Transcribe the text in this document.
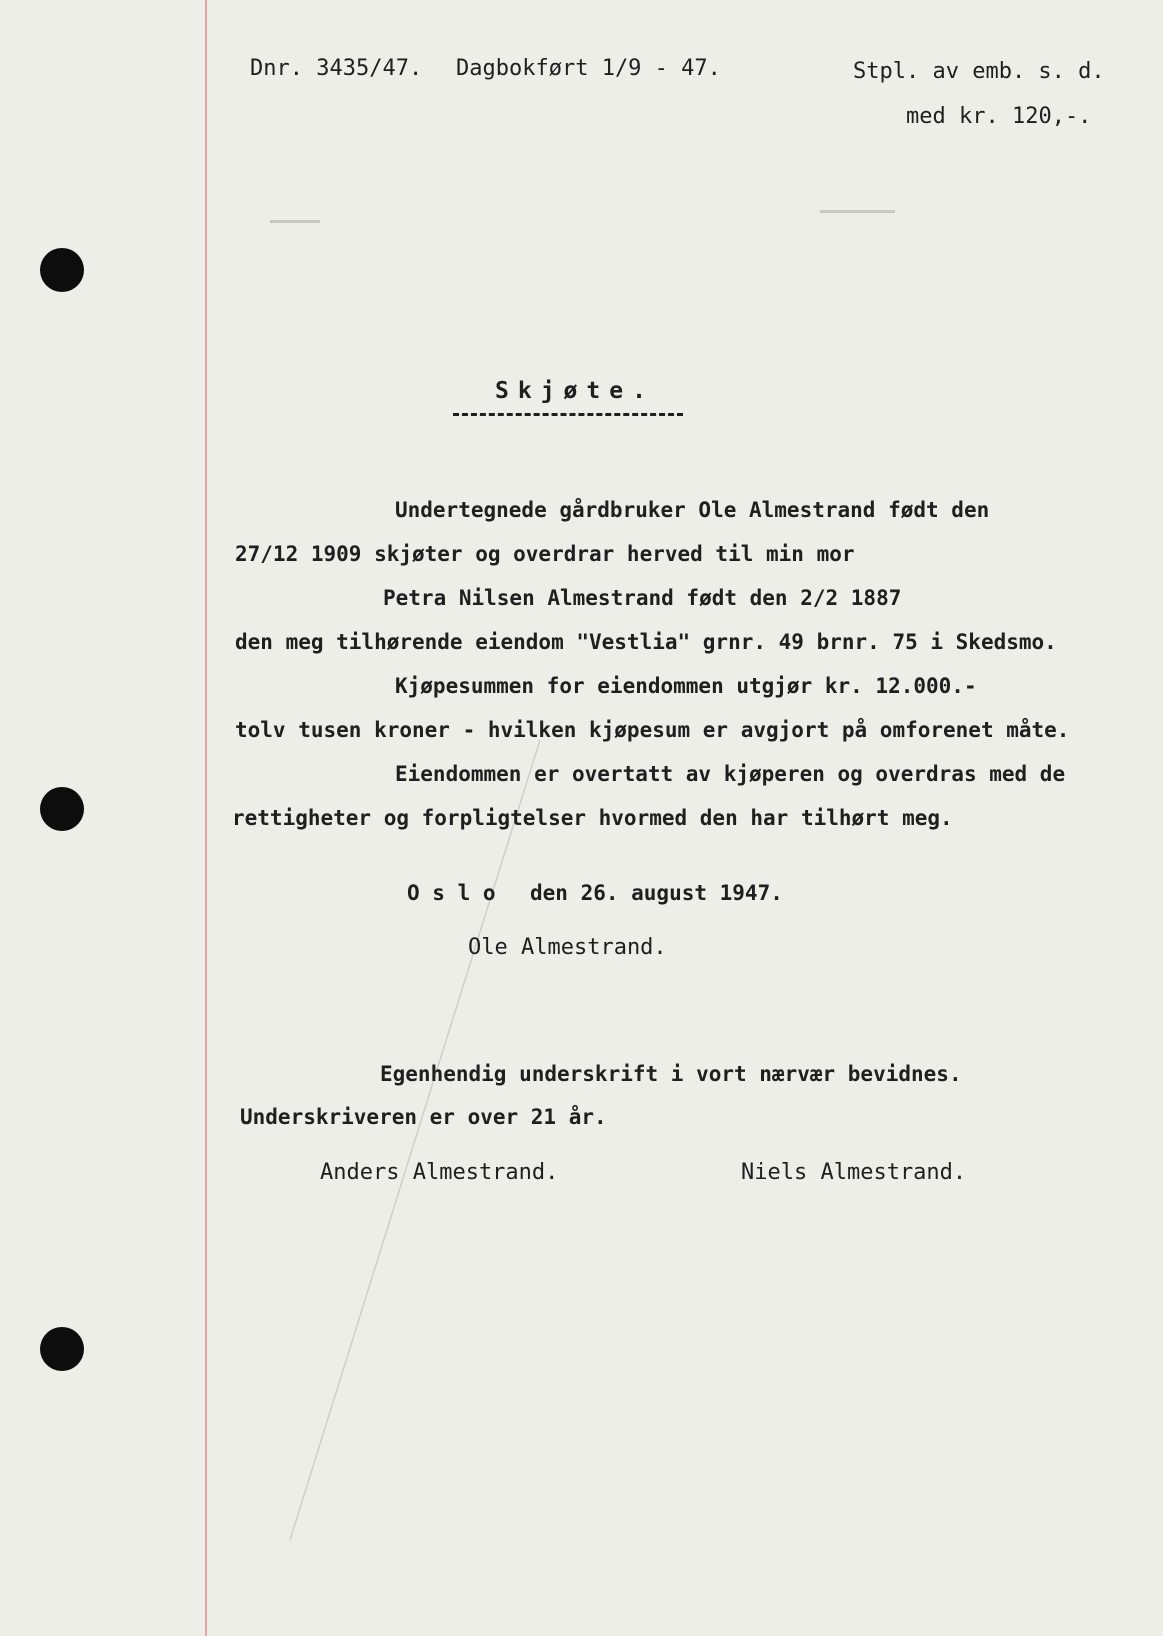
Dnr. 3435/47. Dagbokført 1/9 - 47.	Stpl. av emb. s. d.
med kr. 120,-.
Skjøte.
Undertegnede gårdbruker Ole Almestrand født den
27/12 1909 skjøter og overdrar herved til min mor
Petra Nilsen Almestrand født den 2/2 1887
den meg tilhørende eiendom "Vestlia" grnr. 49 brnr. 75 i Skedsmo.
Kjøpesummen for eiendommen utgjør kr. 12.000.-
tolv tusen kroner - hvilken kjøpesum er avgjort på omforenet måte.
Eiendommen er overtatt av kjøperen og overdras med de
rettigheter og forpligtelser hvormed den har tilhørt meg.
O s l o den 26. august 1947.
Ole Almestrand.
Egenhendig underskrift i vort nærvær bevidnes.
Underskriveren er over 21 år.
Anders Almestrand.	Niels Almestrand.
